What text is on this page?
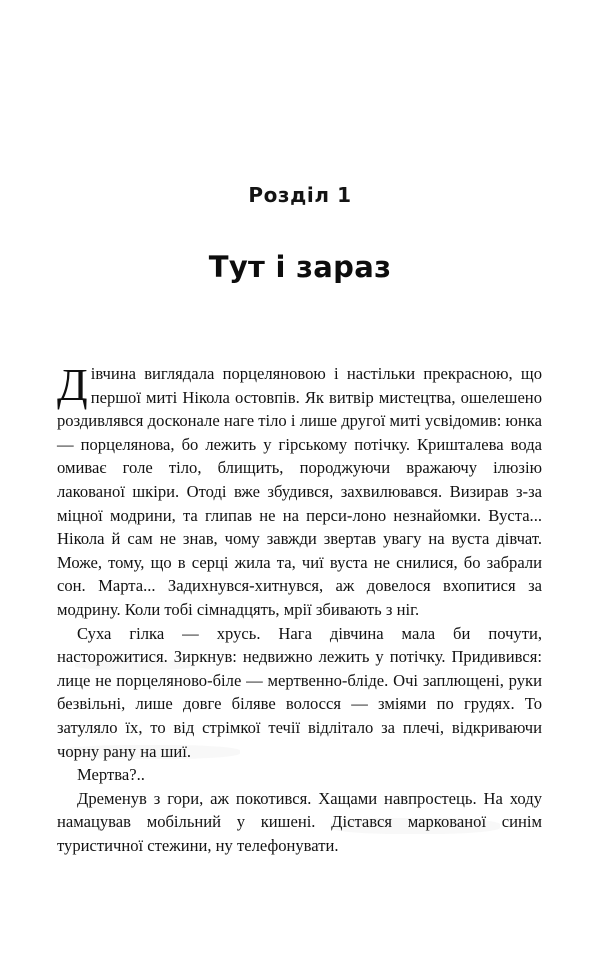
Розділ 1
Тут і зараз

Дівчина виглядала порцеляновою і настільки прекрасною, що першої миті Нікола остовпів. Як витвір мистецтва, ошелешено роздивлявся досконале наге тіло і лише другої миті усвідомив: юнка — порцелянова, бо лежить у гірському потічку. Кришталева вода омиває голе тіло, блищить, породжуючи вражаючу ілюзію лакованої шкіри. Отоді вже збудився, захвилювався. Визирав з-за міцної модрини, та глипав не на перси-лоно незнайомки. Вуста... Нікола й сам не знав, чому завжди звертав увагу на вуста дівчат. Може, тому, що в серці жила та, чиї вуста не снилися, бо забрали сон. Марта... Задихнувся-хитнувся, аж довелося вхопитися за модрину. Коли тобі сімнадцять, мрії збивають з ніг.

Суха гілка — хрусь. Нага дівчина мала би почути, насторожитися. Зиркнув: недвижно лежить у потічку. Придивився: лице не порцеляново-біле — мертвенно-бліде. Очі заплющені, руки безвільні, лише довге біляве волосся — зміями по грудях. То затуляло їх, то від стрімкої течії відлітало за плечі, відкриваючи чорну рану на шиї.

Мертва?..

Дременув з гори, аж покотився. Хащами навпростець. На ходу намацував мобільний у кишені. Дістався маркованої синім туристичної стежини, ну телефонувати.
